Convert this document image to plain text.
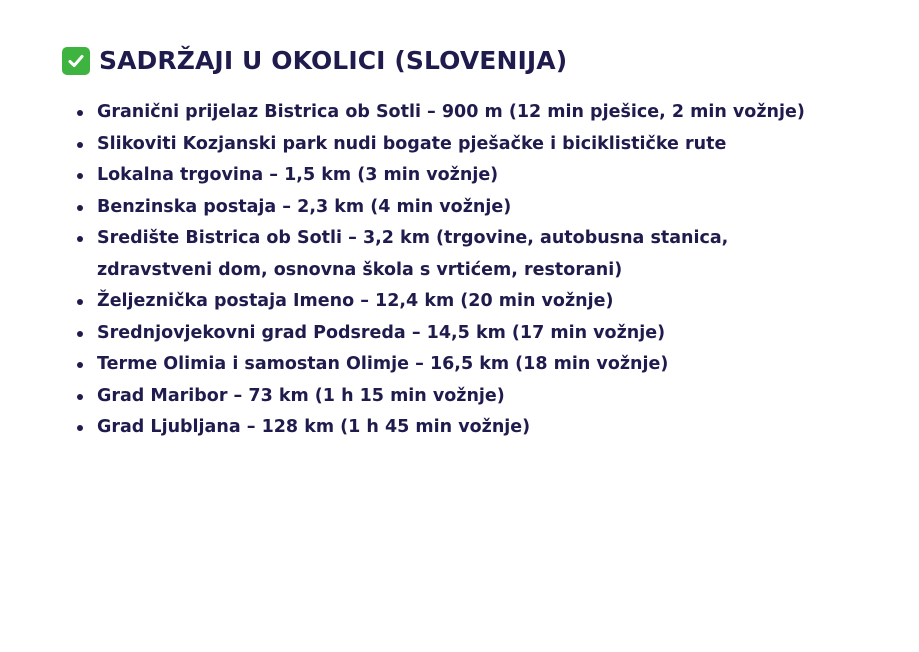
SADRŽAJI U OKOLICI (SLOVENIJA)
Granični prijelaz Bistrica ob Sotli – 900 m (12 min pješice, 2 min vožnje)
Slikoviti Kozjanski park nudi bogate pješačke i biciklističke rute
Lokalna trgovina – 1,5 km (3 min vožnje)
Benzinska postaja – 2,3 km (4 min vožnje)
Središte Bistrica ob Sotli – 3,2 km (trgovine, autobusna stanica,
zdravstveni dom, osnovna škola s vrtićem, restorani)
Željeznička postaja Imeno – 12,4 km (20 min vožnje)
Srednjovjekovni grad Podsreda – 14,5 km (17 min vožnje)
Terme Olimia i samostan Olimje – 16,5 km (18 min vožnje)
Grad Maribor – 73 km (1 h 15 min vožnje)
Grad Ljubljana – 128 km (1 h 45 min vožnje)
